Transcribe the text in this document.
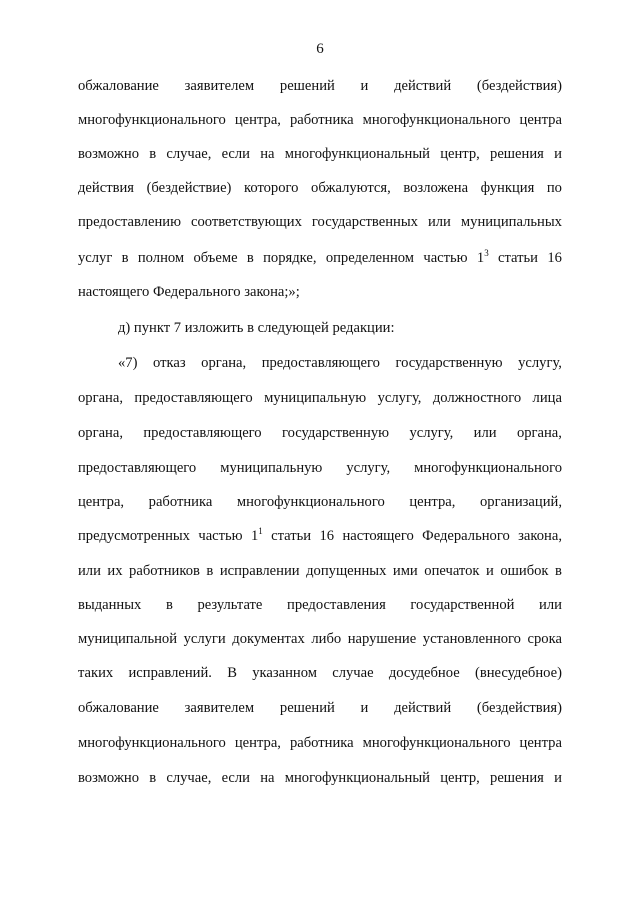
6
обжалование заявителем решений и действий (бездействия)
многофункционального центра, работника многофункционального центра
возможно в случае, если на многофункциональный центр, решения и
действия (бездействие) которого обжалуются, возложена функция по
предоставлению соответствующих государственных или муниципальных
услуг в полном объеме в порядке, определенном частью $1^3$ статьи 16
настоящего Федерального закона;»;
д) пункт 7 изложить в следующей редакции:
«7) отказ органа, предоставляющего государственную услугу,
органа, предоставляющего муниципальную услугу, должностного лица
органа, предоставляющего государственную услугу, или органа,
предоставляющего муниципальную услугу, многофункционального
центра, работника многофункционального центра, организаций,
предусмотренных частью $1^1$ статьи 16 настоящего Федерального закона,
или их работников в исправлении допущенных ими опечаток и ошибок в
выданных в результате предоставления государственной или
муниципальной услуги документах либо нарушение установленного срока
таких исправлений. В указанном случае досудебное (внесудебное)
обжалование заявителем решений и действий (бездействия)
многофункционального центра, работника многофункционального центра
возможно в случае, если на многофункциональный центр, решения и
